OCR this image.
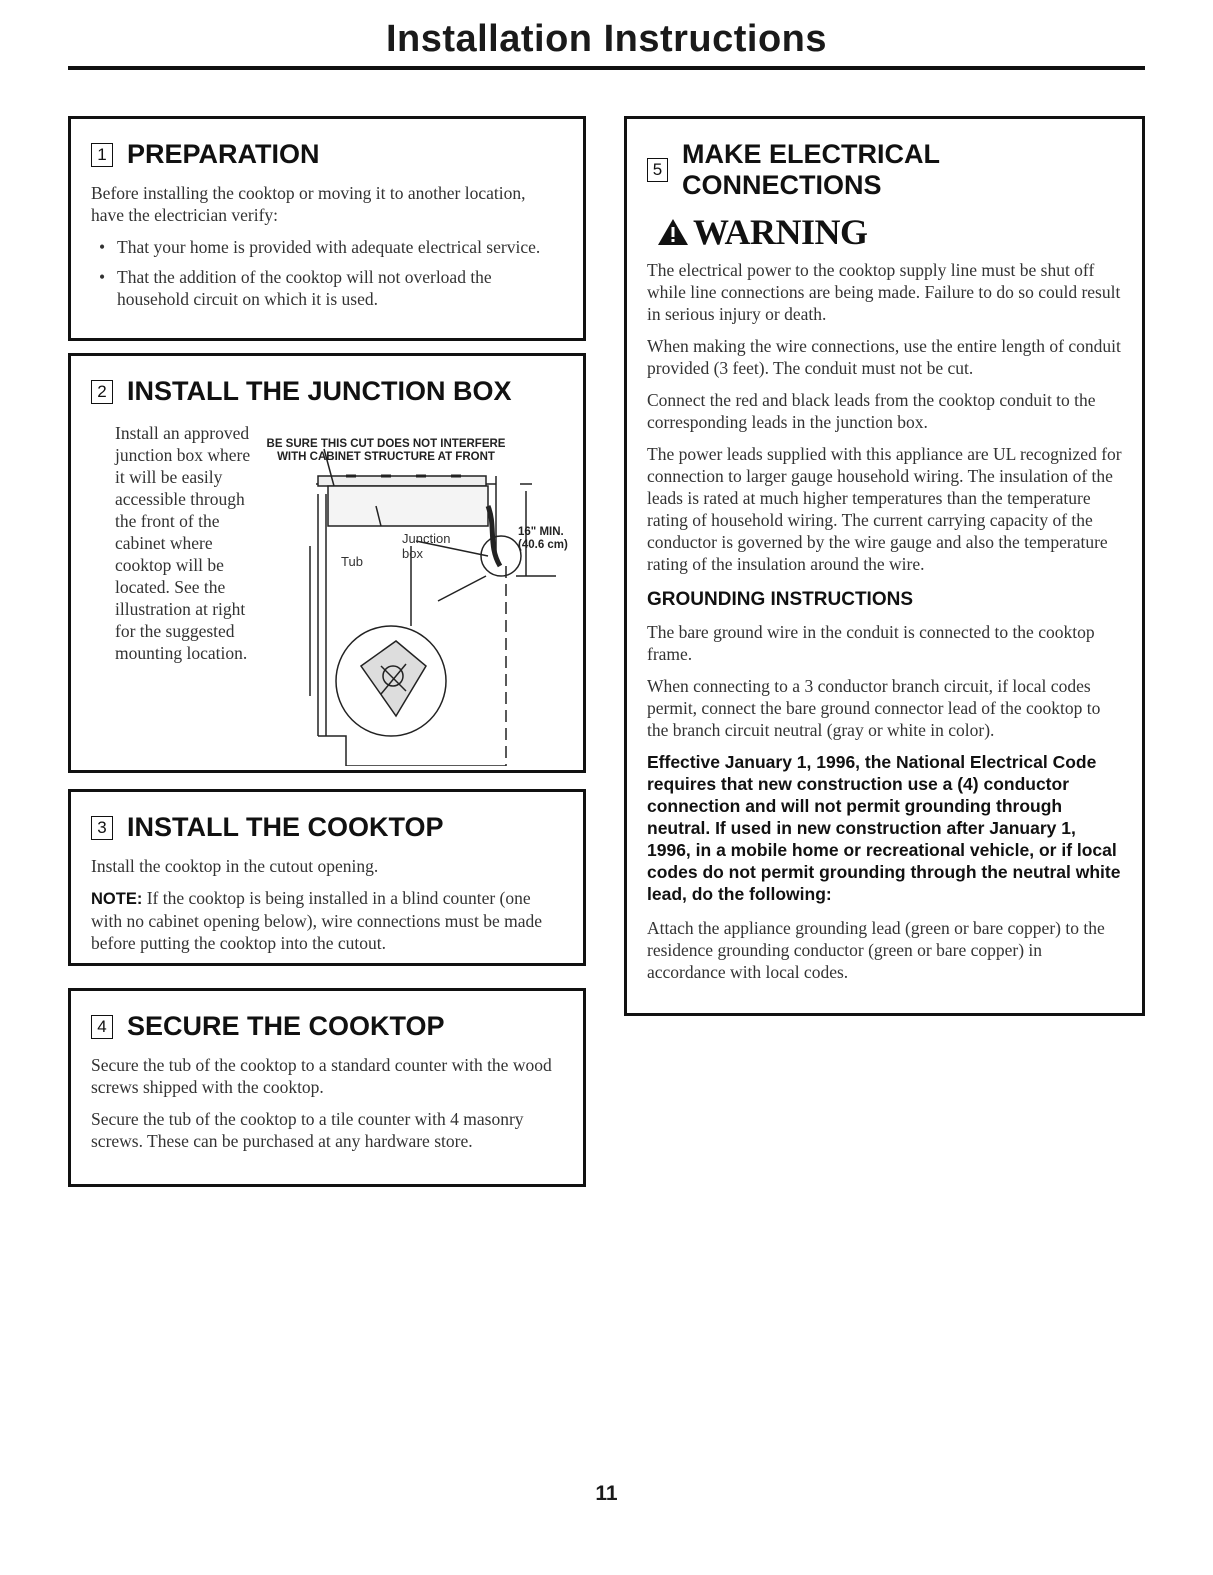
Installation Instructions
1 PREPARATION

Before installing the cooktop or moving it to another location, have the electrician verify:

• That your home is provided with adequate electrical service.
• That the addition of the cooktop will not overload the household circuit on which it is used.
2 INSTALL THE JUNCTION BOX
Install an approved junction box where it will be easily accessible through the front of the cabinet where cooktop will be located. See the illustration at right for the suggested mounting location.
BE SURE THIS CUT DOES NOT INTERFERE
WITH CABINET STRUCTURE AT FRONT
Junction
box
Tub
16" MIN.
(40.6 cm)
3 INSTALL THE COOKTOP

Install the cooktop in the cutout opening.

NOTE: If the cooktop is being installed in a blind counter (one with no cabinet opening below), wire connections must be made before putting the cooktop into the cutout.

4 SECURE THE COOKTOP

Secure the tub of the cooktop to a standard counter with the wood screws shipped with the cooktop.

Secure the tub of the cooktop to a tile counter with 4 masonry screws. These can be purchased at any hardware store.

5
MAKE ELECTRICAL CONNECTIONS
WARNING

The electrical power to the cooktop supply line must be shut off while line connections are being made. Failure to do so could result in serious injury or death.

When making the wire connections, use the entire length of conduit provided (3 feet). The conduit must not be cut.

Connect the red and black leads from the cooktop conduit to the corresponding leads in the junction box.

The power leads supplied with this appliance are UL recognized for connection to larger gauge household wiring. The insulation of the leads is rated at much higher temperatures than the temperature rating of household wiring. The current carrying capacity of the conductor is governed by the wire gauge and also the temperature rating of the insulation around the wire.

GROUNDING INSTRUCTIONS

The bare ground wire in the conduit is connected to the cooktop frame.

When connecting to a 3 conductor branch circuit, if local codes permit, connect the bare ground connector lead of the cooktop to the branch circuit neutral (gray or white in color).

Effective January 1, 1996, the National Electrical Code requires that new construction use a (4) conductor connection and will not permit grounding through neutral. If used in new construction after January 1, 1996, in a mobile home or recreational vehicle, or if local codes do not permit grounding through the neutral white lead, do the following:

Attach the appliance grounding lead (green or bare copper) to the residence grounding conductor (green or bare copper) in accordance with local codes.

11
